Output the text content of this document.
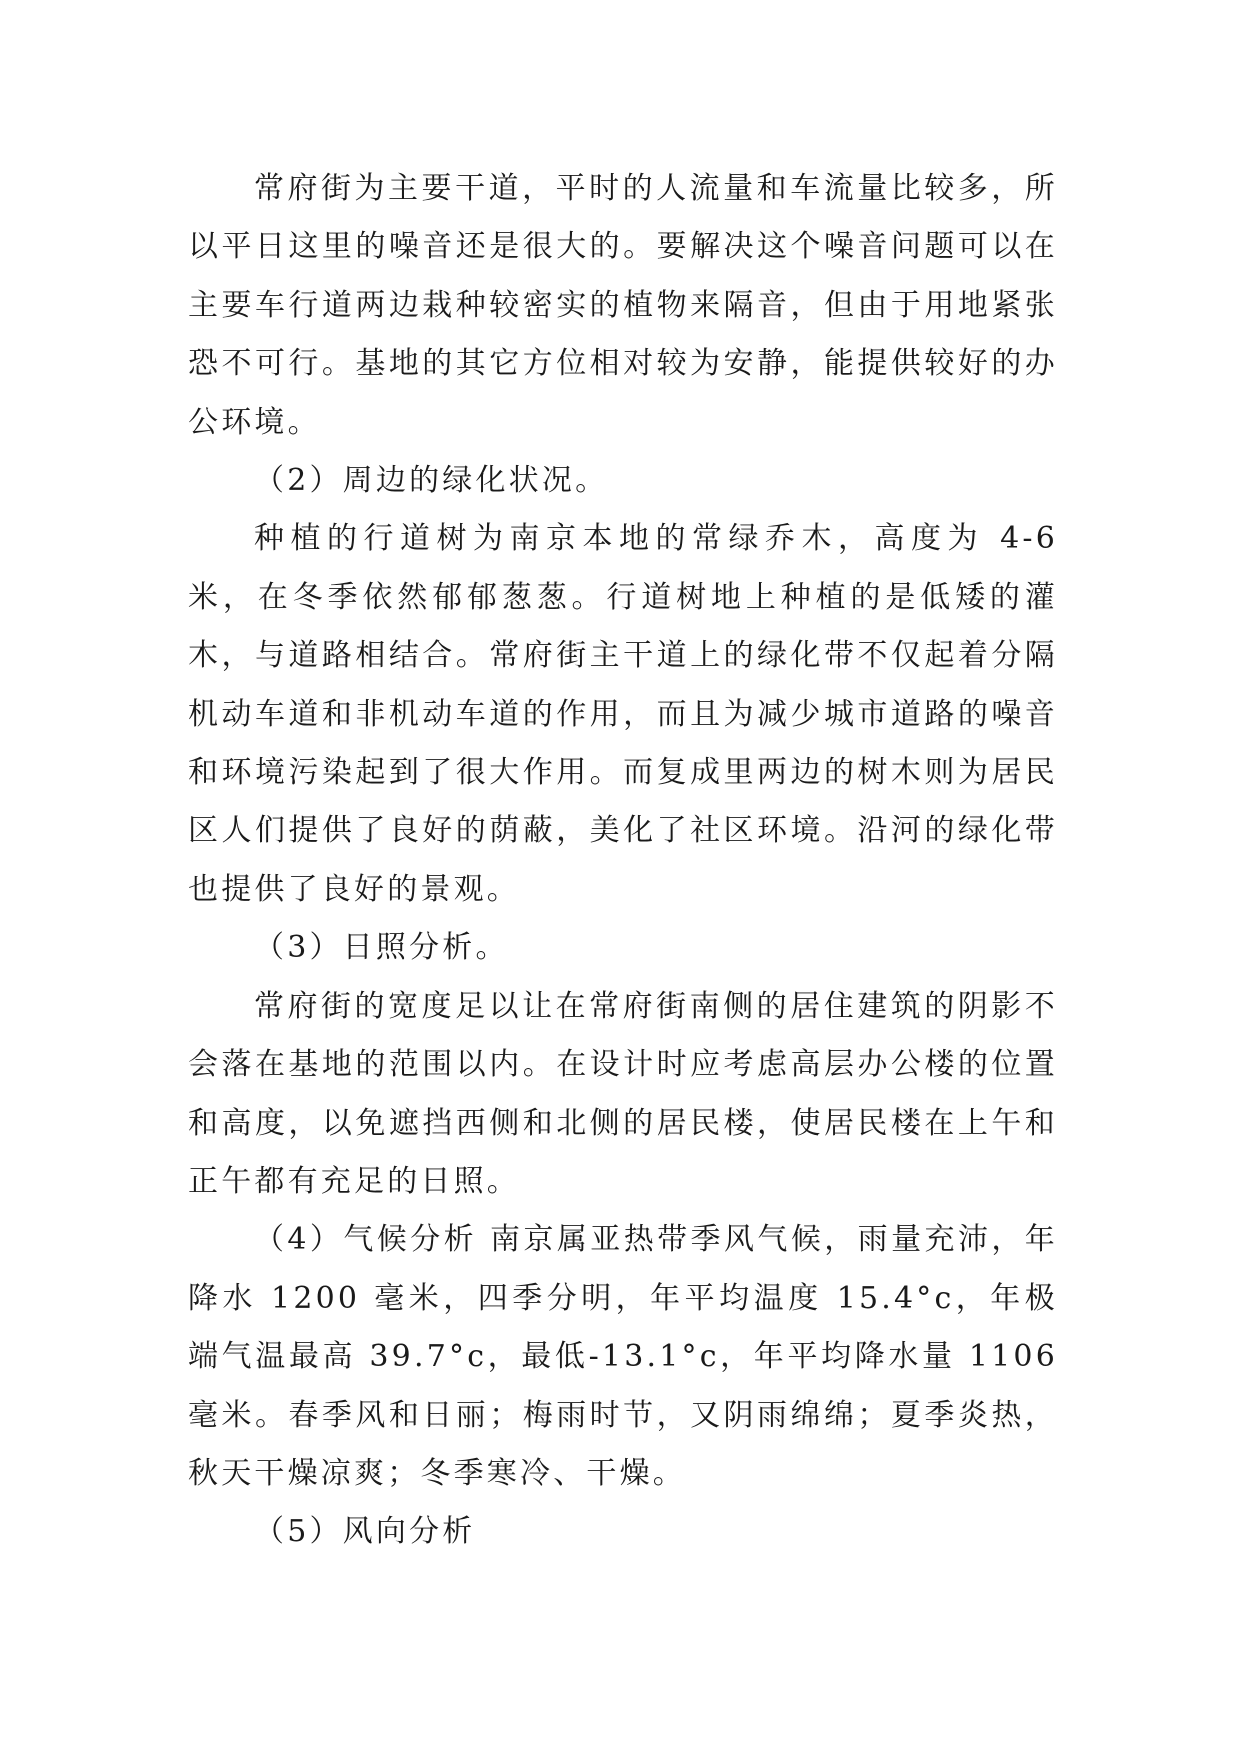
常府街为主要干道，平时的人流量和车流量比较多，所以平日这里的噪音还是很大的。要解决这个噪音问题可以在主要车行道两边栽种较密实的植物来隔音，但由于用地紧张恐不可行。基地的其它方位相对较为安静，能提供较好的办公环境。

（2）周边的绿化状况。

种植的行道树为南京本地的常绿乔木，高度为 4-6 米，在冬季依然郁郁葱葱。行道树地上种植的是低矮的灌木，与道路相结合。常府街主干道上的绿化带不仅起着分隔机动车道和非机动车道的作用，而且为减少城市道路的噪音和环境污染起到了很大作用。而复成里两边的树木则为居民区人们提供了良好的荫蔽，美化了社区环境。沿河的绿化带也提供了良好的景观。

（3）日照分析。

常府街的宽度足以让在常府街南侧的居住建筑的阴影不会落在基地的范围以内。在设计时应考虑高层办公楼的位置和高度，以免遮挡西侧和北侧的居民楼，使居民楼在上午和正午都有充足的日照。

（4）气候分析 南京属亚热带季风气候，雨量充沛，年降水 1200 毫米，四季分明，年平均温度 15.4°c，年极端气温最高 39.7°c，最低-13.1°c，年平均降水量 1106 毫米。春季风和日丽；梅雨时节，又阴雨绵绵；夏季炎热，秋天干燥凉爽；冬季寒冷、干燥。

（5）风向分析
